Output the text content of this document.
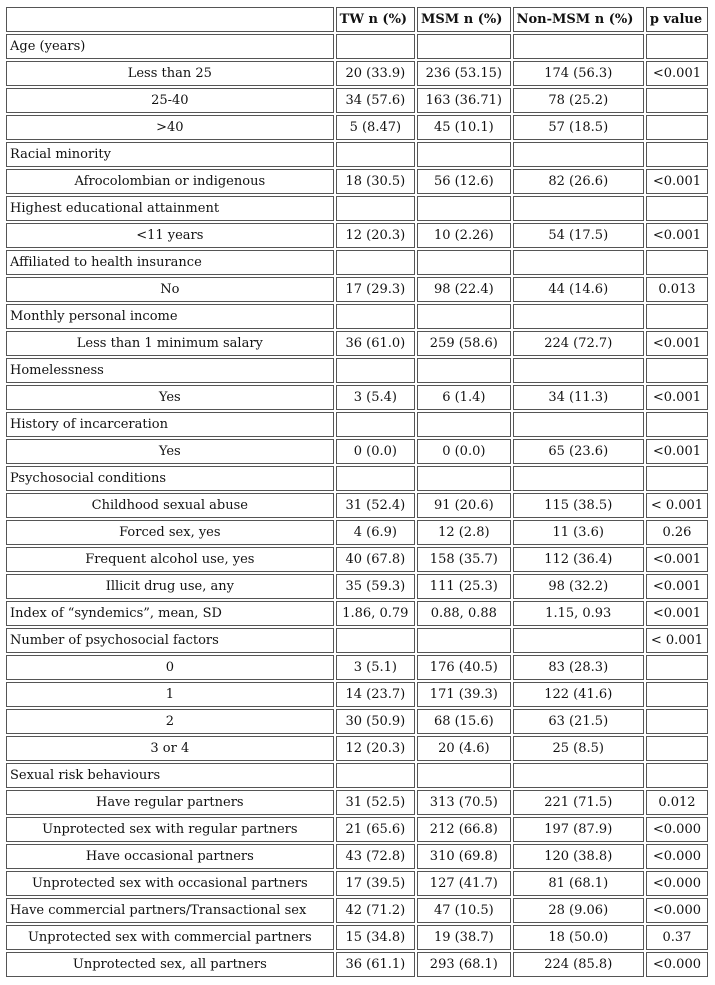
	TW n (%)	MSM n (%)	Non-MSM n (%)	p value
Age (years)				
Less than 25	20 (33.9)	236 (53.15)	174 (56.3)	<0.001
25-40	34 (57.6)	163 (36.71)	78 (25.2)	
>40	5 (8.47)	45 (10.1)	57 (18.5)	
Racial minority				
Afrocolombian or indigenous	18 (30.5)	56 (12.6)	82 (26.6)	<0.001
Highest educational attainment				
<11 years	12 (20.3)	10 (2.26)	54 (17.5)	<0.001
Affiliated to health insurance				
No	17 (29.3)	98 (22.4)	44 (14.6)	0.013
Monthly personal income				
Less than 1 minimum salary	36 (61.0)	259 (58.6)	224 (72.7)	<0.001
Homelessness				
Yes	3 (5.4)	6 (1.4)	34 (11.3)	<0.001
History of incarceration				
Yes	0 (0.0)	0 (0.0)	65 (23.6)	<0.001
Psychosocial conditions				
Childhood sexual abuse	31 (52.4)	91 (20.6)	115 (38.5)	< 0.001
Forced sex, yes	4 (6.9)	12 (2.8)	11 (3.6)	0.26
Frequent alcohol use, yes	40 (67.8)	158 (35.7)	112 (36.4)	<0.001
Illicit drug use, any	35 (59.3)	111 (25.3)	98 (32.2)	<0.001
Index of “syndemics”, mean, SD	1.86, 0.79	0.88, 0.88	1.15, 0.93	<0.001
Number of psychosocial factors				< 0.001
0	3 (5.1)	176 (40.5)	83 (28.3)	
1	14 (23.7)	171 (39.3)	122 (41.6)	
2	30 (50.9)	68 (15.6)	63 (21.5)	
3 or 4	12 (20.3)	20 (4.6)	25 (8.5)	
Sexual risk behaviours				
Have regular partners	31 (52.5)	313 (70.5)	221 (71.5)	0.012
Unprotected sex with regular partners	21 (65.6)	212 (66.8)	197 (87.9)	<0.000
Have occasional partners	43 (72.8)	310 (69.8)	120 (38.8)	<0.000
Unprotected sex with occasional partners	17 (39.5)	127 (41.7)	81 (68.1)	<0.000
Have commercial partners/Transactional sex	42 (71.2)	47 (10.5)	28 (9.06)	<0.000
Unprotected sex with commercial partners	15 (34.8)	19 (38.7)	18 (50.0)	0.37
Unprotected sex, all partners	36 (61.1)	293 (68.1)	224 (85.8)	<0.000
